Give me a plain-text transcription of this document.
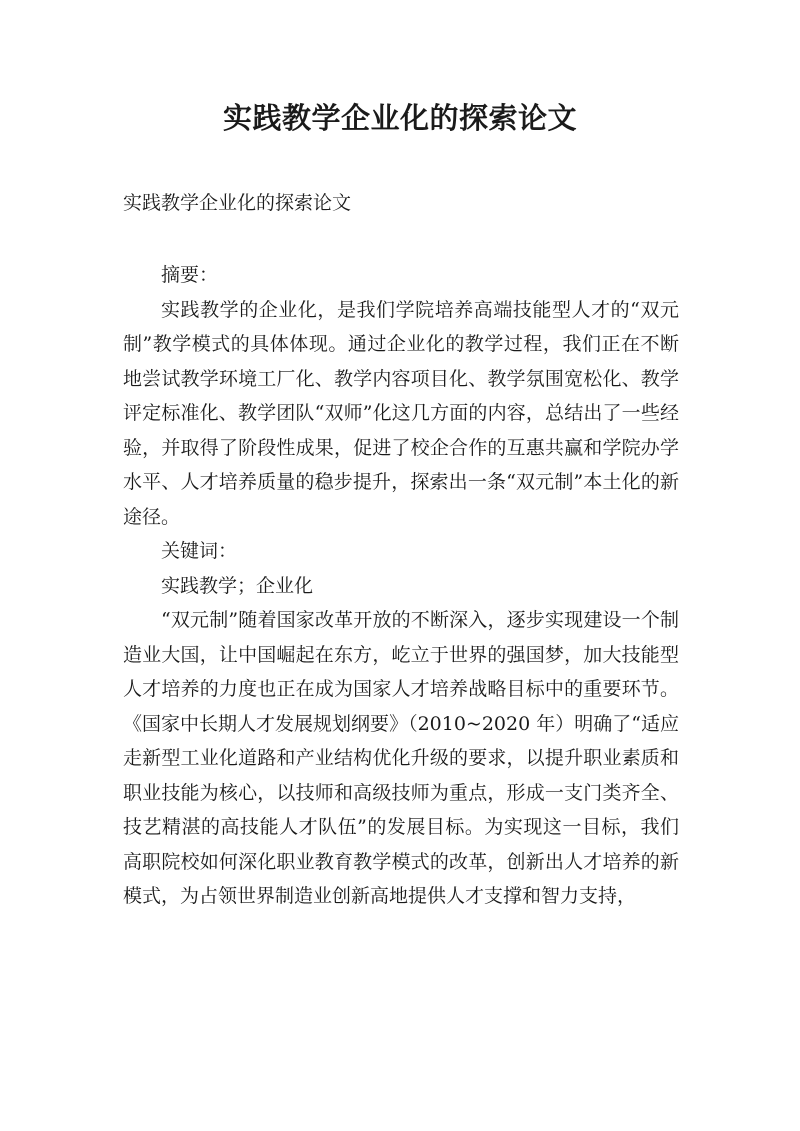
实践教学企业化的探索论文
实践教学企业化的探索论文

摘要：

实践教学的企业化，是我们学院培养高端技能型人才的“双元制”教学模式的具体体现。通过企业化的教学过程，我们正在不断地尝试教学环境工厂化、教学内容项目化、教学氛围宽松化、教学评定标准化、教学团队“双师”化这几方面的内容，总结出了一些经验，并取得了阶段性成果，促进了校企合作的互惠共赢和学院办学水平、人才培养质量的稳步提升，探索出一条“双元制”本土化的新途径。

关键词：

实践教学；企业化

“双元制”随着国家改革开放的不断深入，逐步实现建设一个制造业大国，让中国崛起在东方，屹立于世界的强国梦，加大技能型人才培养的力度也正在成为国家人才培养战略目标中的重要环节。《国家中长期人才发展规划纲要》（2010~2020 年）明确了“适应走新型工业化道路和产业结构优化升级的要求，以提升职业素质和职业技能为核心，以技师和高级技师为重点，形成一支门类齐全、技艺精湛的高技能人才队伍”的发展目标。为实现这一目标，我们高职院校如何深化职业教育教学模式的改革，创新出人才培养的新模式，为占领世界制造业创新高地提供人才支撑和智力支持，
